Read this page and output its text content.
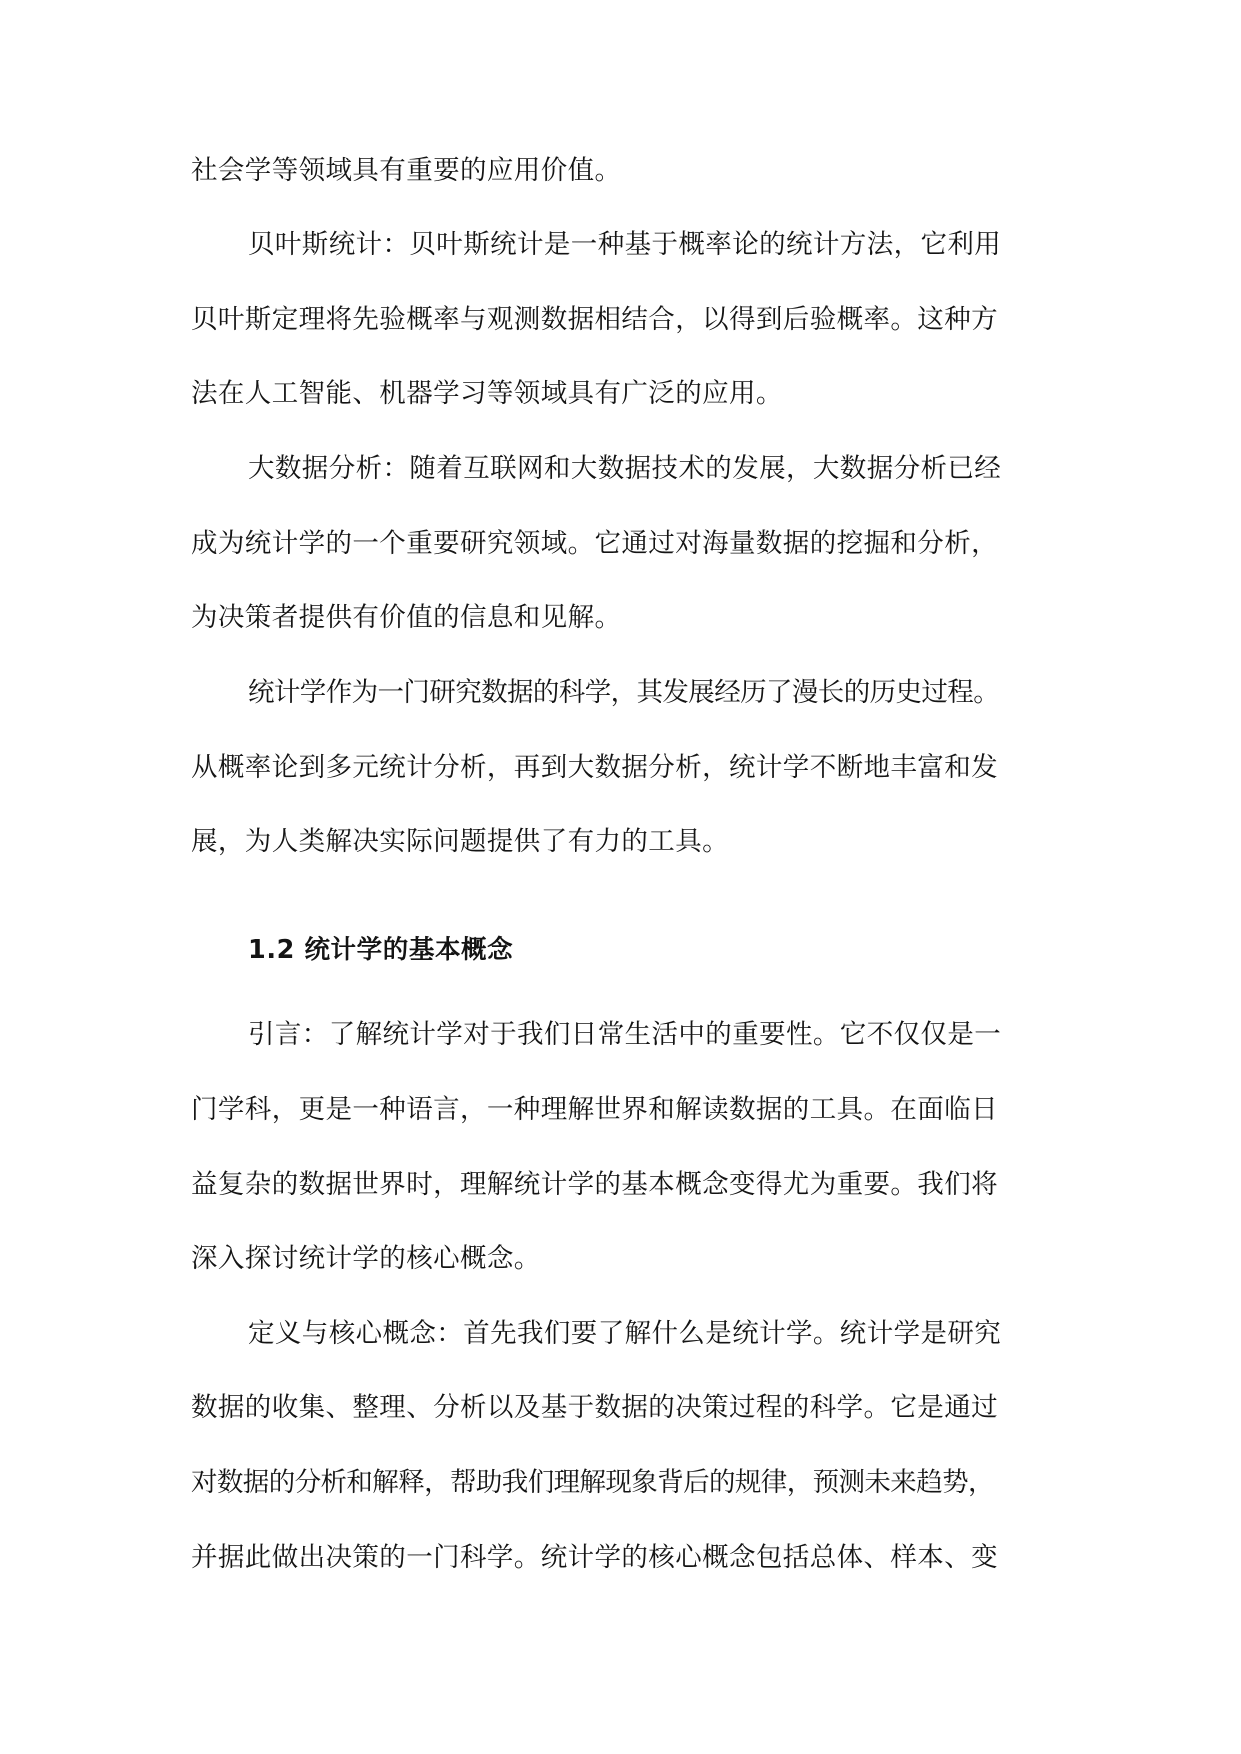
社会学等领域具有重要的应用价值。
贝叶斯统计：贝叶斯统计是一种基于概率论的统计方法，它利用
贝叶斯定理将先验概率与观测数据相结合，以得到后验概率。这种方
法在人工智能、机器学习等领域具有广泛的应用。
大数据分析：随着互联网和大数据技术的发展，大数据分析已经
成为统计学的一个重要研究领域。它通过对海量数据的挖掘和分析，
为决策者提供有价值的信息和见解。
统计学作为一门研究数据的科学，其发展经历了漫长的历史过程。
从概率论到多元统计分析，再到大数据分析，统计学不断地丰富和发
展，为人类解决实际问题提供了有力的工具。
1.2 统计学的基本概念
引言：了解统计学对于我们日常生活中的重要性。它不仅仅是一
门学科，更是一种语言，一种理解世界和解读数据的工具。在面临日
益复杂的数据世界时，理解统计学的基本概念变得尤为重要。我们将
深入探讨统计学的核心概念。
定义与核心概念：首先我们要了解什么是统计学。统计学是研究
数据的收集、整理、分析以及基于数据的决策过程的科学。它是通过
对数据的分析和解释，帮助我们理解现象背后的规律，预测未来趋势，
并据此做出决策的一门科学。统计学的核心概念包括总体、样本、变
